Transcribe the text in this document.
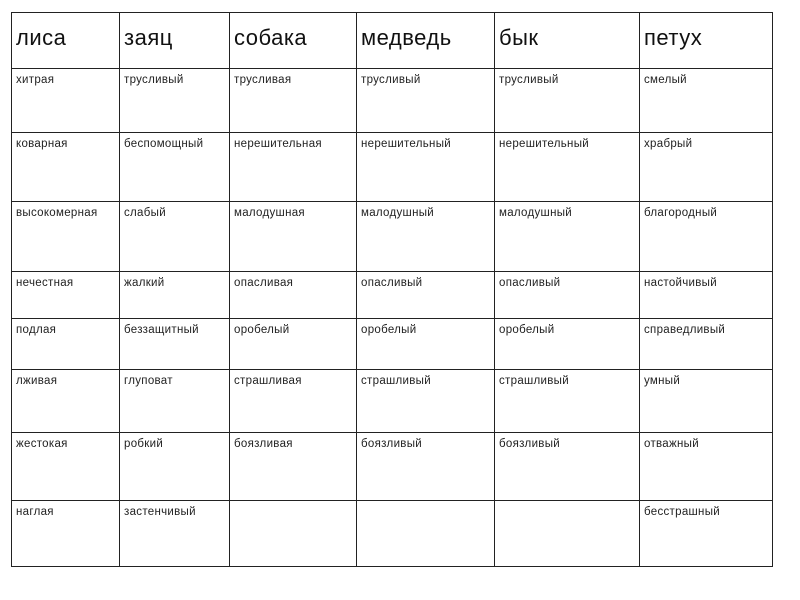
лиса	заяц	собака	медведь	бык	петух
хитрая	трусливый	трусливая	трусливый	трусливый	смелый
коварная	беспомощный	нерешительная	нерешительный	нерешительный	храбрый
высокомерная	слабый	малодушная	малодушный	малодушный	благородный
нечестная	жалкий	опасливая	опасливый	опасливый	настойчивый
подлая	беззащитный	оробелый	оробелый	оробелый	справедливый
лживая	глуповат	страшливая	страшливый	страшливый	умный
жестокая	робкий	боязливая	боязливый	боязливый	отважный
наглая	застенчивый				бесстрашный
